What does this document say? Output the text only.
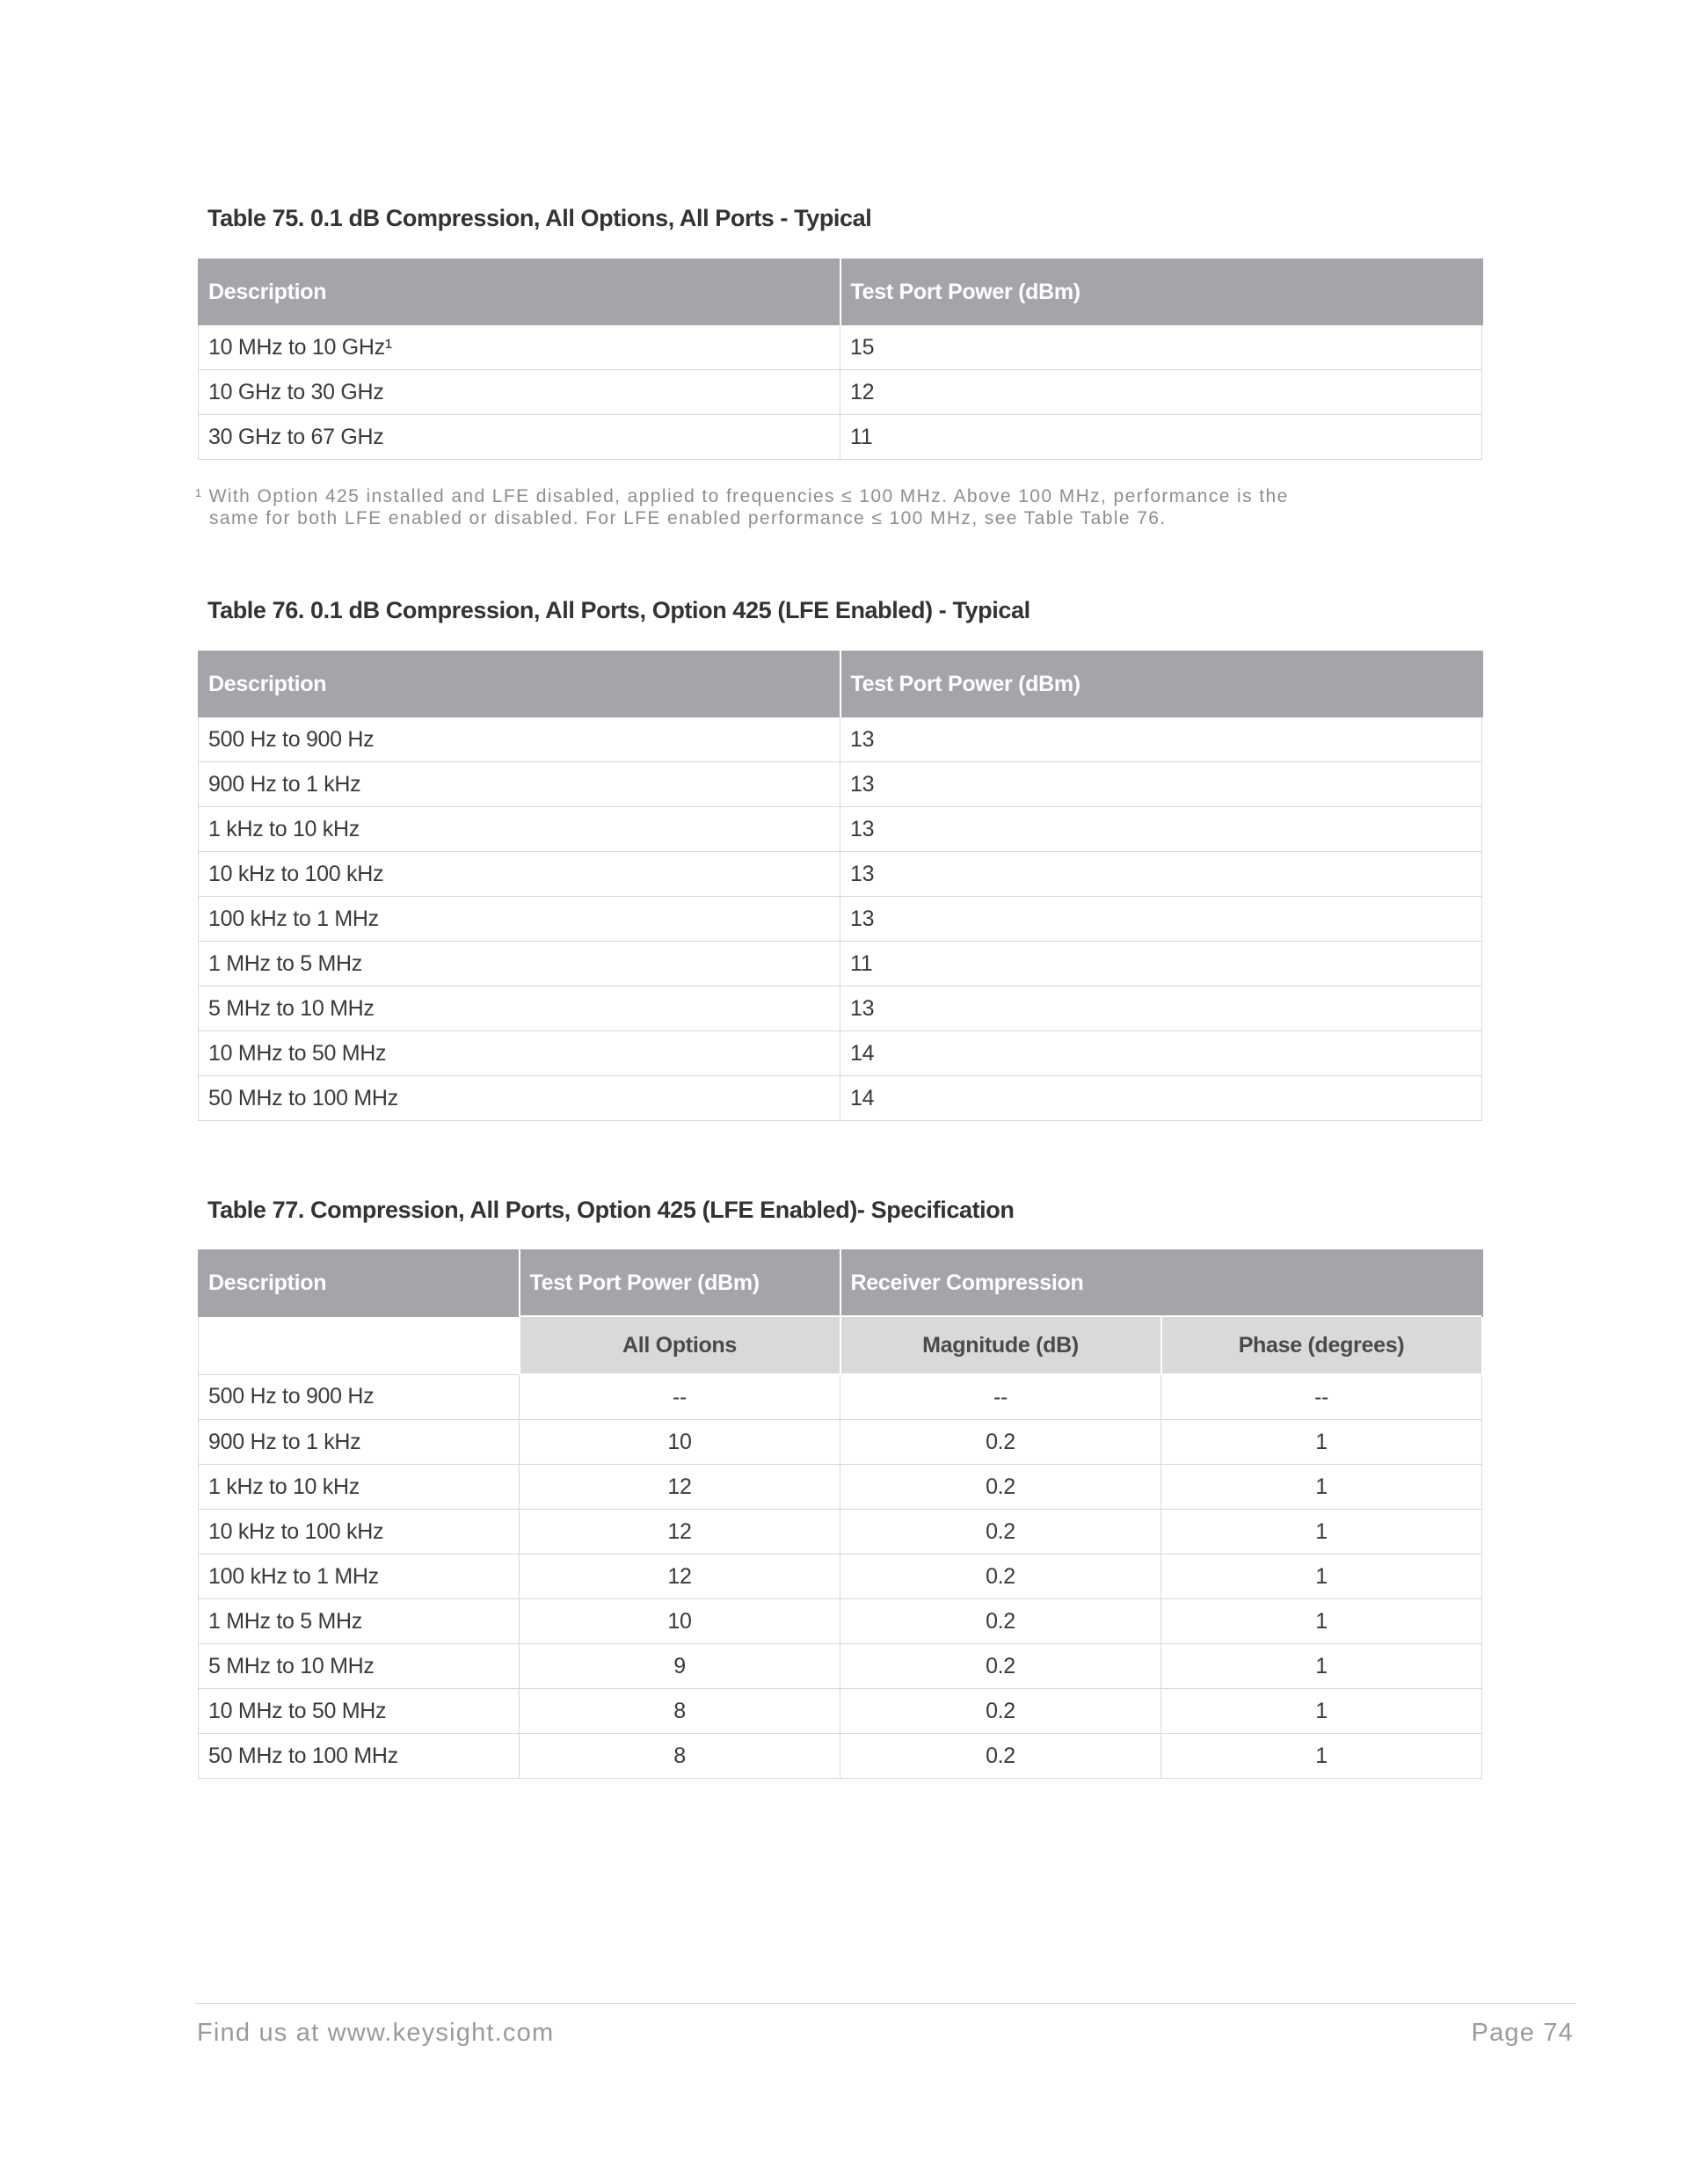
Table 75. 0.1 dB Compression, All Options, All Ports - Typical
Description	Test Port Power (dBm)
10 MHz to 10 GHz¹	15
10 GHz to 30 GHz	12
30 GHz to 67 GHz	11
¹ With Option 425 installed and LFE disabled, applied to frequencies ≤ 100 MHz. Above 100 MHz, performance is the
same for both LFE enabled or disabled. For LFE enabled performance ≤ 100 MHz, see Table Table 76.
Table 76. 0.1 dB Compression, All Ports, Option 425 (LFE Enabled) - Typical
Description	Test Port Power (dBm)
500 Hz to 900 Hz	13
900 Hz to 1 kHz	13
1 kHz to 10 kHz	13
10 kHz to 100 kHz	13
100 kHz to 1 MHz	13
1 MHz to 5 MHz	11
5 MHz to 10 MHz	13
10 MHz to 50 MHz	14
50 MHz to 100 MHz	14
Table 77. Compression, All Ports, Option 425 (LFE Enabled)- Specification
Description	Test Port Power (dBm)	Receiver Compression	
	All Options	Magnitude (dB)	Phase (degrees)
500 Hz to 900 Hz	--	--	--
900 Hz to 1 kHz	10	0.2	1
1 kHz to 10 kHz	12	0.2	1
10 kHz to 100 kHz	12	0.2	1
100 kHz to 1 MHz	12	0.2	1
1 MHz to 5 MHz	10	0.2	1
5 MHz to 10 MHz	9	0.2	1
10 MHz to 50 MHz	8	0.2	1
50 MHz to 100 MHz	8	0.2	1
Find us at www.keysight.com	Page 74
